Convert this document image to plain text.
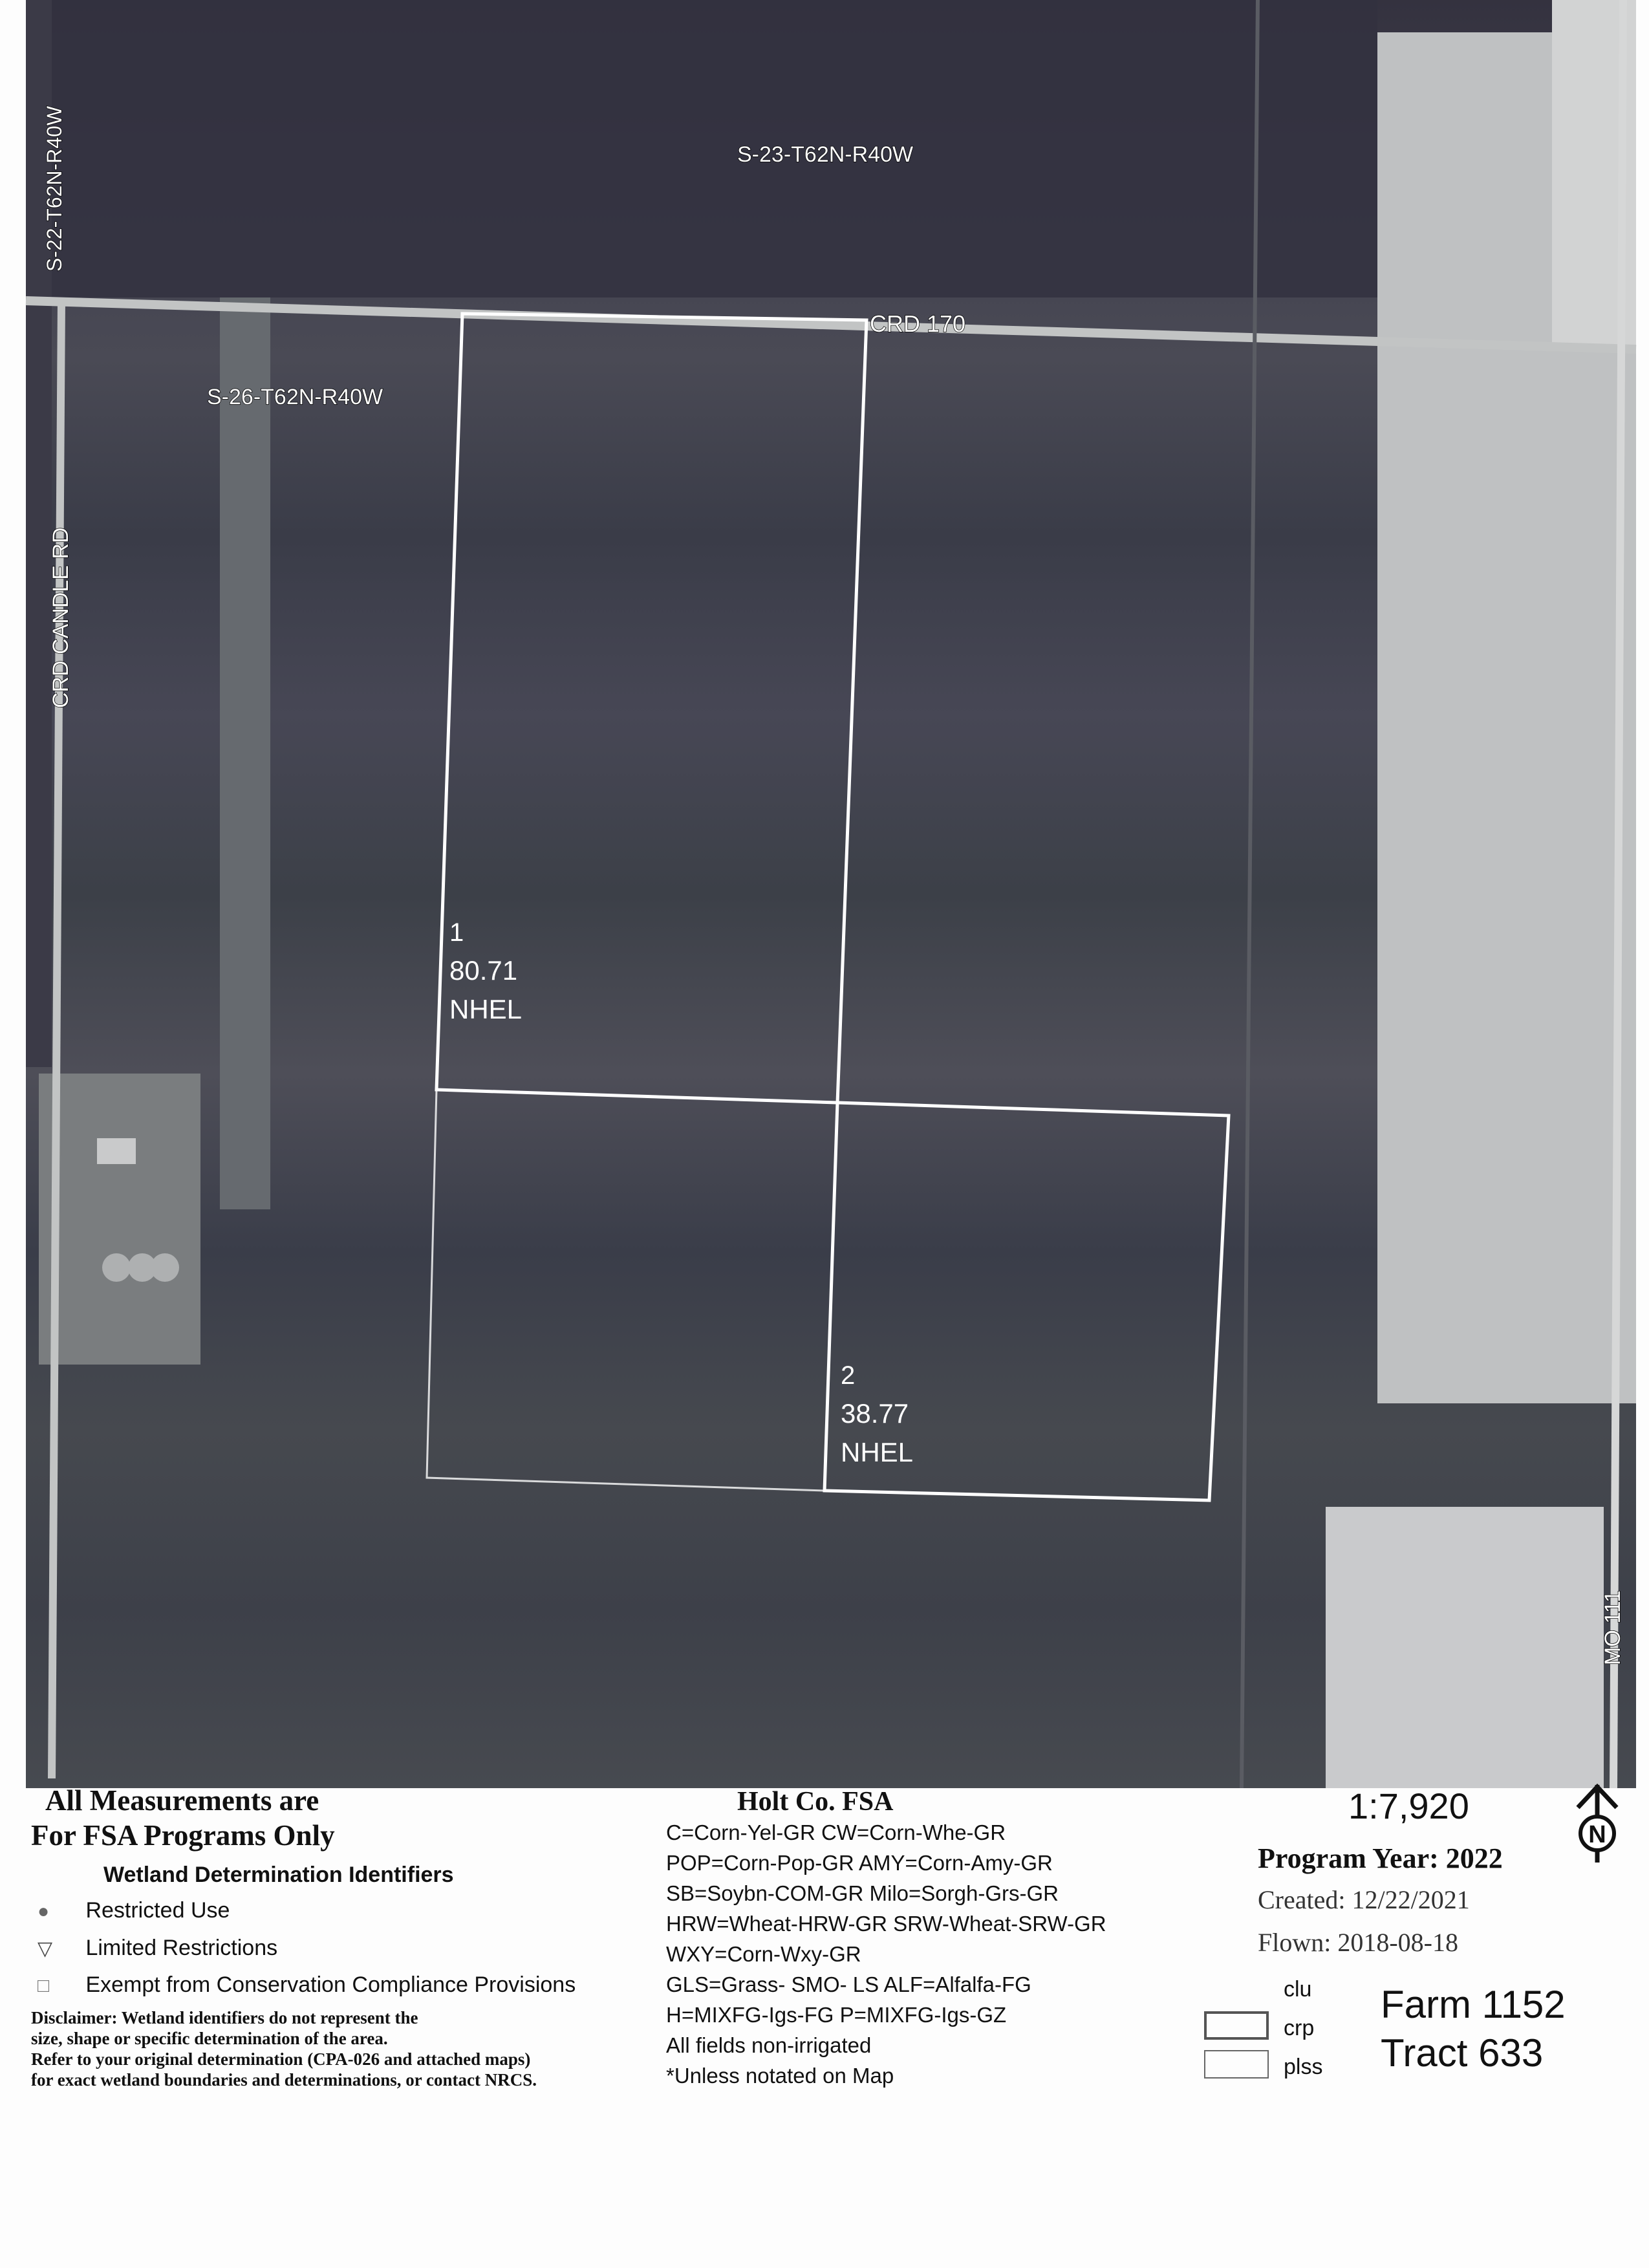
S-22-T62N-R40W	S-23-T62N-R40W
S-26-T62N-R40W
CRD 170
CRD CANDLE RD
MO 111
1
80.71
NHEL
2
38.77
NHEL
All Measurements are
For FSA Programs Only
Wetland Determination Identifiers
● Restricted Use
▽ Limited Restrictions
□ Exempt from Conservation Compliance Provisions
Disclaimer: Wetland identifiers do not represent the
size, shape or specific determination of the area.
Refer to your original determination (CPA-026 and attached maps)
for exact wetland boundaries and determinations, or contact NRCS.
Holt Co. FSA
C=Corn-Yel-GR CW=Corn-Whe-GR
POP=Corn-Pop-GR AMY=Corn-Amy-GR
SB=Soybn-COM-GR Milo=Sorgh-Grs-GR
HRW=Wheat-HRW-GR SRW-Wheat-SRW-GR
WXY=Corn-Wxy-GR
GLS=Grass- SMO- LS ALF=Alfalfa-FG
H=MIXFG-Igs-FG P=MIXFG-Igs-GZ
All fields non-irrigated
*Unless notated on Map
1:7,920
N
Program Year: 2022
Created: 12/22/2021
Flown: 2018-08-18
clu
crp
plss
Farm 1152
Tract 633
